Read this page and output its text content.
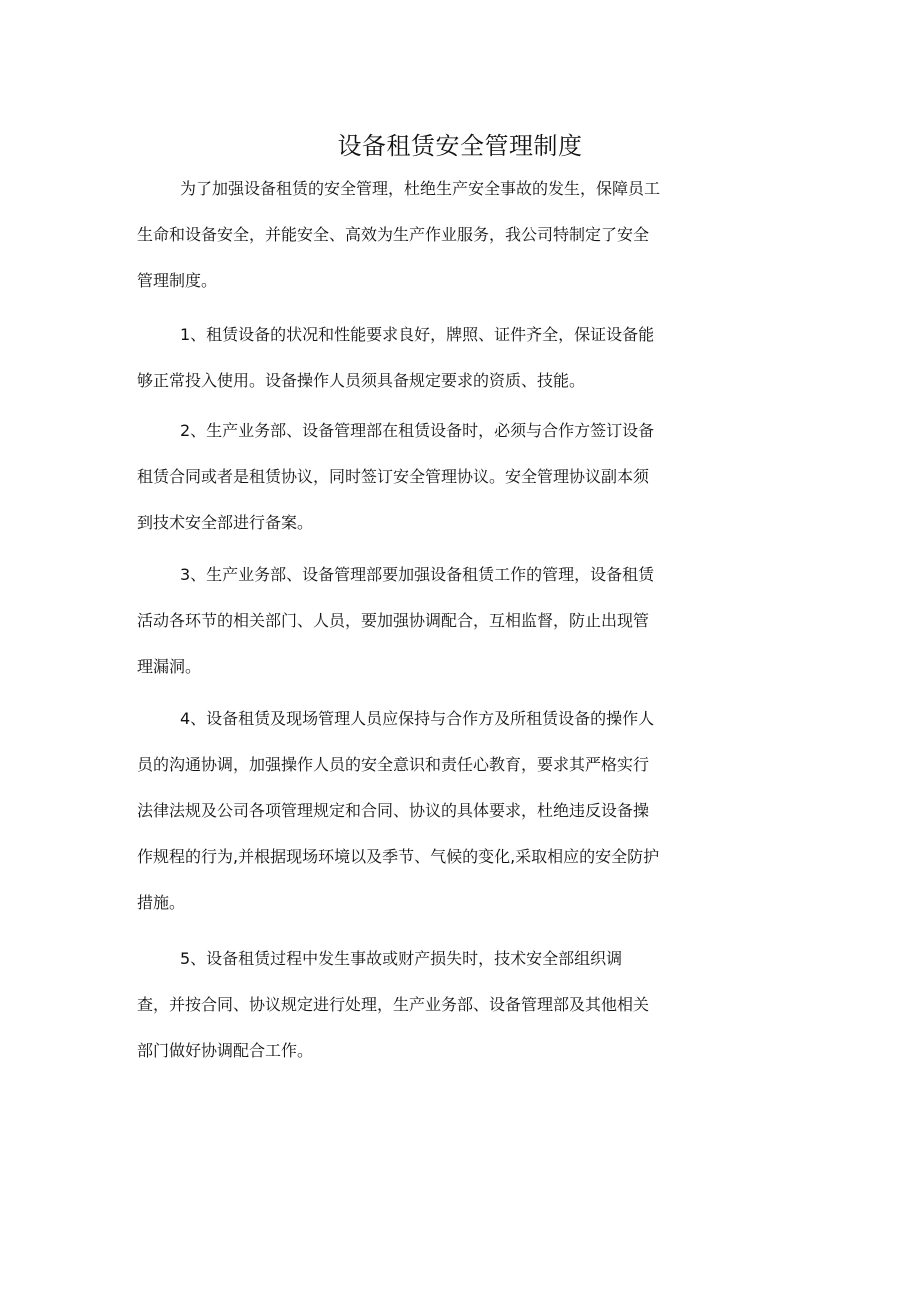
设备租赁安全管理制度
为了加强设备租赁的安全管理，杜绝生产安全事故的发生，保障员工
生命和设备安全，并能安全、高效为生产作业服务，我公司特制定了安全
管理制度。
1、租赁设备的状况和性能要求良好，牌照、证件齐全，保证设备能
够正常投入使用。设备操作人员须具备规定要求的资质、技能。
2、生产业务部、设备管理部在租赁设备时，必须与合作方签订设备
租赁合同或者是租赁协议，同时签订安全管理协议。安全管理协议副本须
到技术安全部进行备案。
3、生产业务部、设备管理部要加强设备租赁工作的管理，设备租赁
活动各环节的相关部门、人员，要加强协调配合，互相监督，防止出现管
理漏洞。
4、设备租赁及现场管理人员应保持与合作方及所租赁设备的操作人
员的沟通协调，加强操作人员的安全意识和责任心教育，要求其严格实行
法律法规及公司各项管理规定和合同、协议的具体要求，杜绝违反设备操
作规程的行为,并根据现场环境以及季节、气候的变化,采取相应的安全防护
措施。
5、设备租赁过程中发生事故或财产损失时，技术安全部组织调
查，并按合同、协议规定进行处理，生产业务部、设备管理部及其他相关
部门做好协调配合工作。
